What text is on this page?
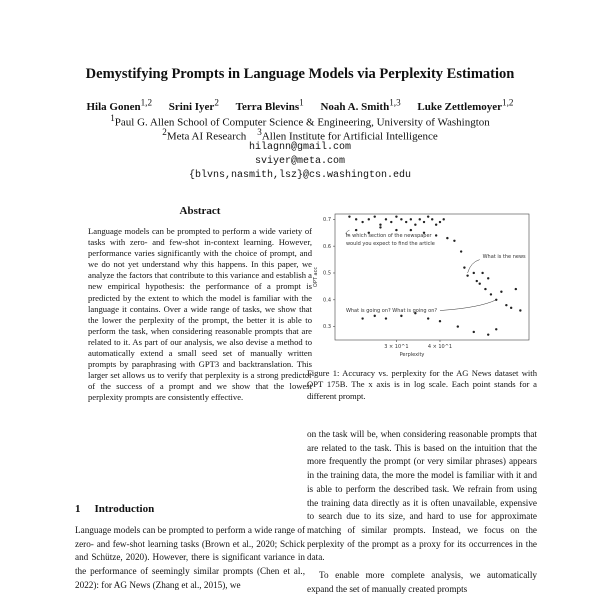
Demystifying Prompts in Language Models via Perplexity Estimation
Hila Gonen$^{1,2}$ Srini Iyer$^2$ Terra Blevins$^1$ Noah A. Smith$^{1,3}$ Luke Zettlemoyer$^{1,2}$
$^1$Paul G. Allen School of Computer Science & Engineering, University of Washington
$^2$Meta AI Research $^3$Allen Institute for Artificial Intelligence
hilagnn@gmail.com
sviyer@meta.com
{blvns,nasmith,lsz}@cs.washington.edu
Abstract
Language models can be prompted to perform a wide variety of tasks with zero- and few-shot in-context learning. However, performance varies significantly with the choice of prompt, and we do not yet understand why this happens. In this paper, we analyze the factors that contribute to this variance and establish a new empirical hypothesis: the performance of a prompt is predicted by the extent to which the model is familiar with the language it contains. Over a wide range of tasks, we show that the lower the perplexity of the prompt, the better it is able to perform the task, when considering reasonable prompts that are related to it. As part of our analysis, we also devise a method to automatically extend a small seed set of manually written prompts by paraphrasing with GPT3 and backtranslation. This larger set allows us to verify that perplexity is a strong predictor of the success of a prompt and we show that the lowest perplexity prompts are consistently effective.
1 Introduction
Language models can be prompted to perform a wide range of zero- and few-shot learning tasks (Brown et al., 2020; Schick and Schütze, 2020). However, there is significant variance in the performance of seemingly similar prompts (Chen et al., 2022): for AG News (Zhang et al., 2015), we
0.7
0.6
0.5
0.4
0.3
3 × 10^1	4 × 10^1
Perplexity
OPT acc
In which section of the newspaper
would you expect to find the article
What is the news
What is going on? What is going on?
Figure 1: Accuracy vs. perplexity for the AG News dataset with OPT 175B. The x axis is in log scale. Each point stands for a different prompt.

on the task will be, when considering reasonable prompts that are related to the task. This is based on the intuition that the more frequently the prompt (or very similar phrases) appears in the training data, the more the model is familiar with it and is able to perform the described task. We refrain from using the training data directly as it is often unavailable, expensive to search due to its size, and hard to use for approximate matching of similar prompts. Instead, we focus on the perplexity of the prompt as a proxy for its occurrences in the data.

To enable more complete analysis, we automatically expand the set of manually created prompts
